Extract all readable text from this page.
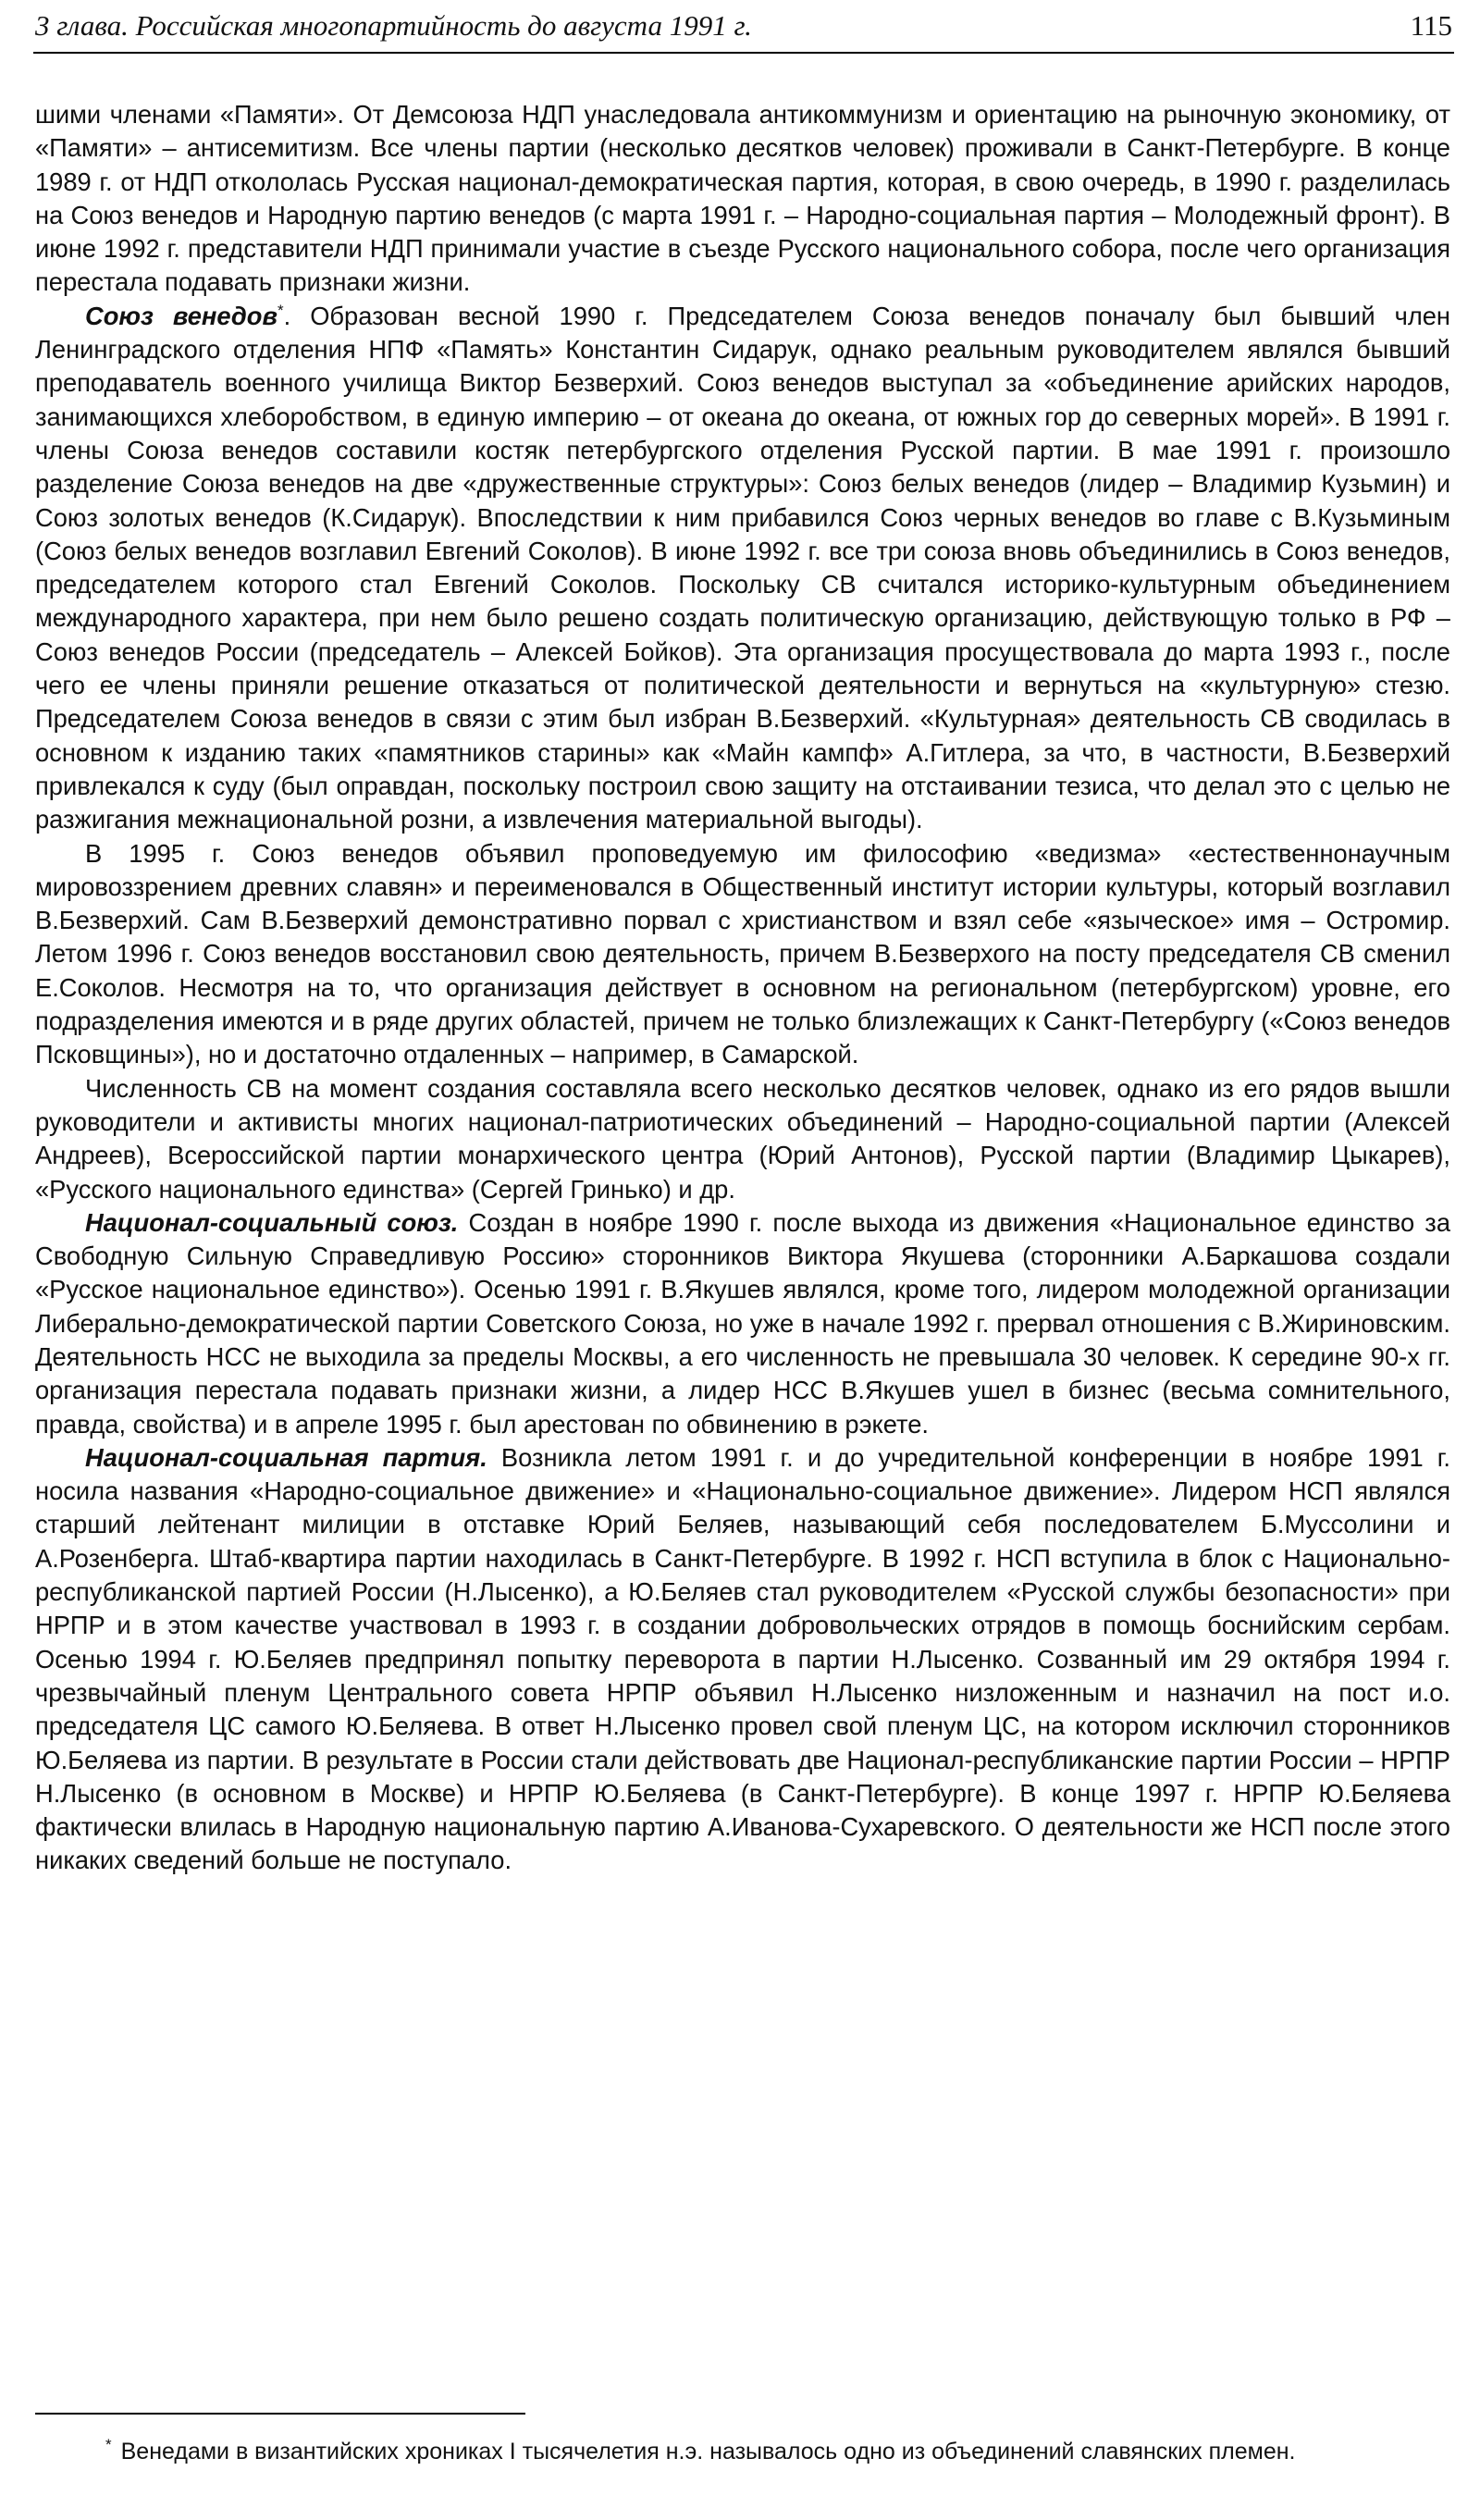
3 глава. Российская многопартийность до августа 1991 г.	115

шими членами «Памяти». От Демсоюза НДП унаследовала антикоммунизм и ориентацию на рыночную экономику, от «Памяти» – антисемитизм. Все члены партии (несколько десятков человек) проживали в Санкт-Петербурге. В конце 1989 г. от НДП откололась Русская национал-демократическая партия, которая, в свою очередь, в 1990 г. разделилась на Союз венедов и Народную партию венедов (с марта 1991 г. – Народно-социальная партия – Молодежный фронт). В июне 1992 г. представители НДП принимали участие в съезде Русского национального собора, после чего организация перестала подавать признаки жизни.

Союз венедов*. Образован весной 1990 г. Председателем Союза венедов поначалу был бывший член Ленинградского отделения НПФ «Память» Константин Сидарук, однако реальным руководителем являлся бывший преподаватель военного училища Виктор Безверхий. Союз венедов выступал за «объединение арийских народов, занимающихся хлеборобством, в единую империю – от океана до океана, от южных гор до северных морей». В 1991 г. члены Союза венедов составили костяк петербургского отделения Русской партии. В мае 1991 г. произошло разделение Союза венедов на две «дружественные структуры»: Союз белых венедов (лидер – Владимир Кузьмин) и Союз золотых венедов (К.Сидарук). Впоследствии к ним прибавился Союз черных венедов во главе с В.Кузьминым (Союз белых венедов возглавил Евгений Соколов). В июне 1992 г. все три союза вновь объединились в Союз венедов, председателем которого стал Евгений Соколов. Поскольку СВ считался историко-культурным объединением международного характера, при нем было решено создать политическую организацию, действующую только в РФ – Союз венедов России (председатель – Алексей Бойков). Эта организация просуществовала до марта 1993 г., после чего ее члены приняли решение отказаться от политической деятельности и вернуться на «культурную» стезю. Председателем Союза венедов в связи с этим был избран В.Безверхий. «Культурная» деятельность СВ сводилась в основном к изданию таких «памятников старины» как «Майн кампф» А.Гитлера, за что, в частности, В.Безверхий привлекался к суду (был оправдан, поскольку построил свою защиту на отстаивании тезиса, что делал это с целью не разжигания межнациональной розни, а извлечения материальной выгоды).

В 1995 г. Союз венедов объявил проповедуемую им философию «ведизма» «естественнонаучным мировоззрением древних славян» и переименовался в Общественный институт истории культуры, который возглавил В.Безверхий. Сам В.Безверхий демонстративно порвал с христианством и взял себе «языческое» имя – Остромир. Летом 1996 г. Союз венедов восстановил свою деятельность, причем В.Безверхого на посту председателя СВ сменил Е.Соколов. Несмотря на то, что организация действует в основном на региональном (петербургском) уровне, его подразделения имеются и в ряде других областей, причем не только близлежащих к Санкт-Петербургу («Союз венедов Псковщины»), но и достаточно отдаленных – например, в Самарской.

Численность СВ на момент создания составляла всего несколько десятков человек, однако из его рядов вышли руководители и активисты многих национал-патриотических объединений – Народно-социальной партии (Алексей Андреев), Всероссийской партии монархического центра (Юрий Антонов), Русской партии (Владимир Цыкарев), «Русского национального единства» (Сергей Гринько) и др.

Национал-социальный союз. Создан в ноябре 1990 г. после выхода из движения «Национальное единство за Свободную Сильную Справедливую Россию» сторонников Виктора Якушева (сторонники А.Баркашова создали «Русское национальное единство»). Осенью 1991 г. В.Якушев являлся, кроме того, лидером молодежной организации Либерально-демократической партии Советского Союза, но уже в начале 1992 г. прервал отношения с В.Жириновским. Деятельность НСС не выходила за пределы Москвы, а его численность не превышала 30 человек. К середине 90-х гг. организация перестала подавать признаки жизни, а лидер НСС В.Якушев ушел в бизнес (весьма сомнительного, правда, свойства) и в апреле 1995 г. был арестован по обвинению в рэкете.

Национал-социальная партия. Возникла летом 1991 г. и до учредительной конференции в ноябре 1991 г. носила названия «Народно-социальное движение» и «Национально-социальное движение». Лидером НСП являлся старший лейтенант милиции в отставке Юрий Беляев, называющий себя последователем Б.Муссолини и А.Розенберга. Штаб-квартира партии находилась в Санкт-Петербурге. В 1992 г. НСП вступила в блок с Национально-республиканской партией России (Н.Лысенко), а Ю.Беляев стал руководителем «Русской службы безопасности» при НРПР и в этом качестве участвовал в 1993 г. в создании добровольческих отрядов в помощь боснийским сербам. Осенью 1994 г. Ю.Беляев предпринял попытку переворота в партии Н.Лысенко. Созванный им 29 октября 1994 г. чрезвычайный пленум Центрального совета НРПР объявил Н.Лысенко низложенным и назначил на пост и.о. председателя ЦС самого Ю.Беляева. В ответ Н.Лысенко провел свой пленум ЦС, на котором исключил сторонников Ю.Беляева из партии. В результате в России стали действовать две Национал-республиканские партии России – НРПР Н.Лысенко (в основном в Москве) и НРПР Ю.Беляева (в Санкт-Петербурге). В конце 1997 г. НРПР Ю.Беляева фактически влилась в Народную национальную партию А.Иванова-Сухаревского. О деятельности же НСП после этого никаких сведений больше не поступало.

* Венедами в византийских хрониках I тысячелетия н.э. называлось одно из объединений славянских племен.
